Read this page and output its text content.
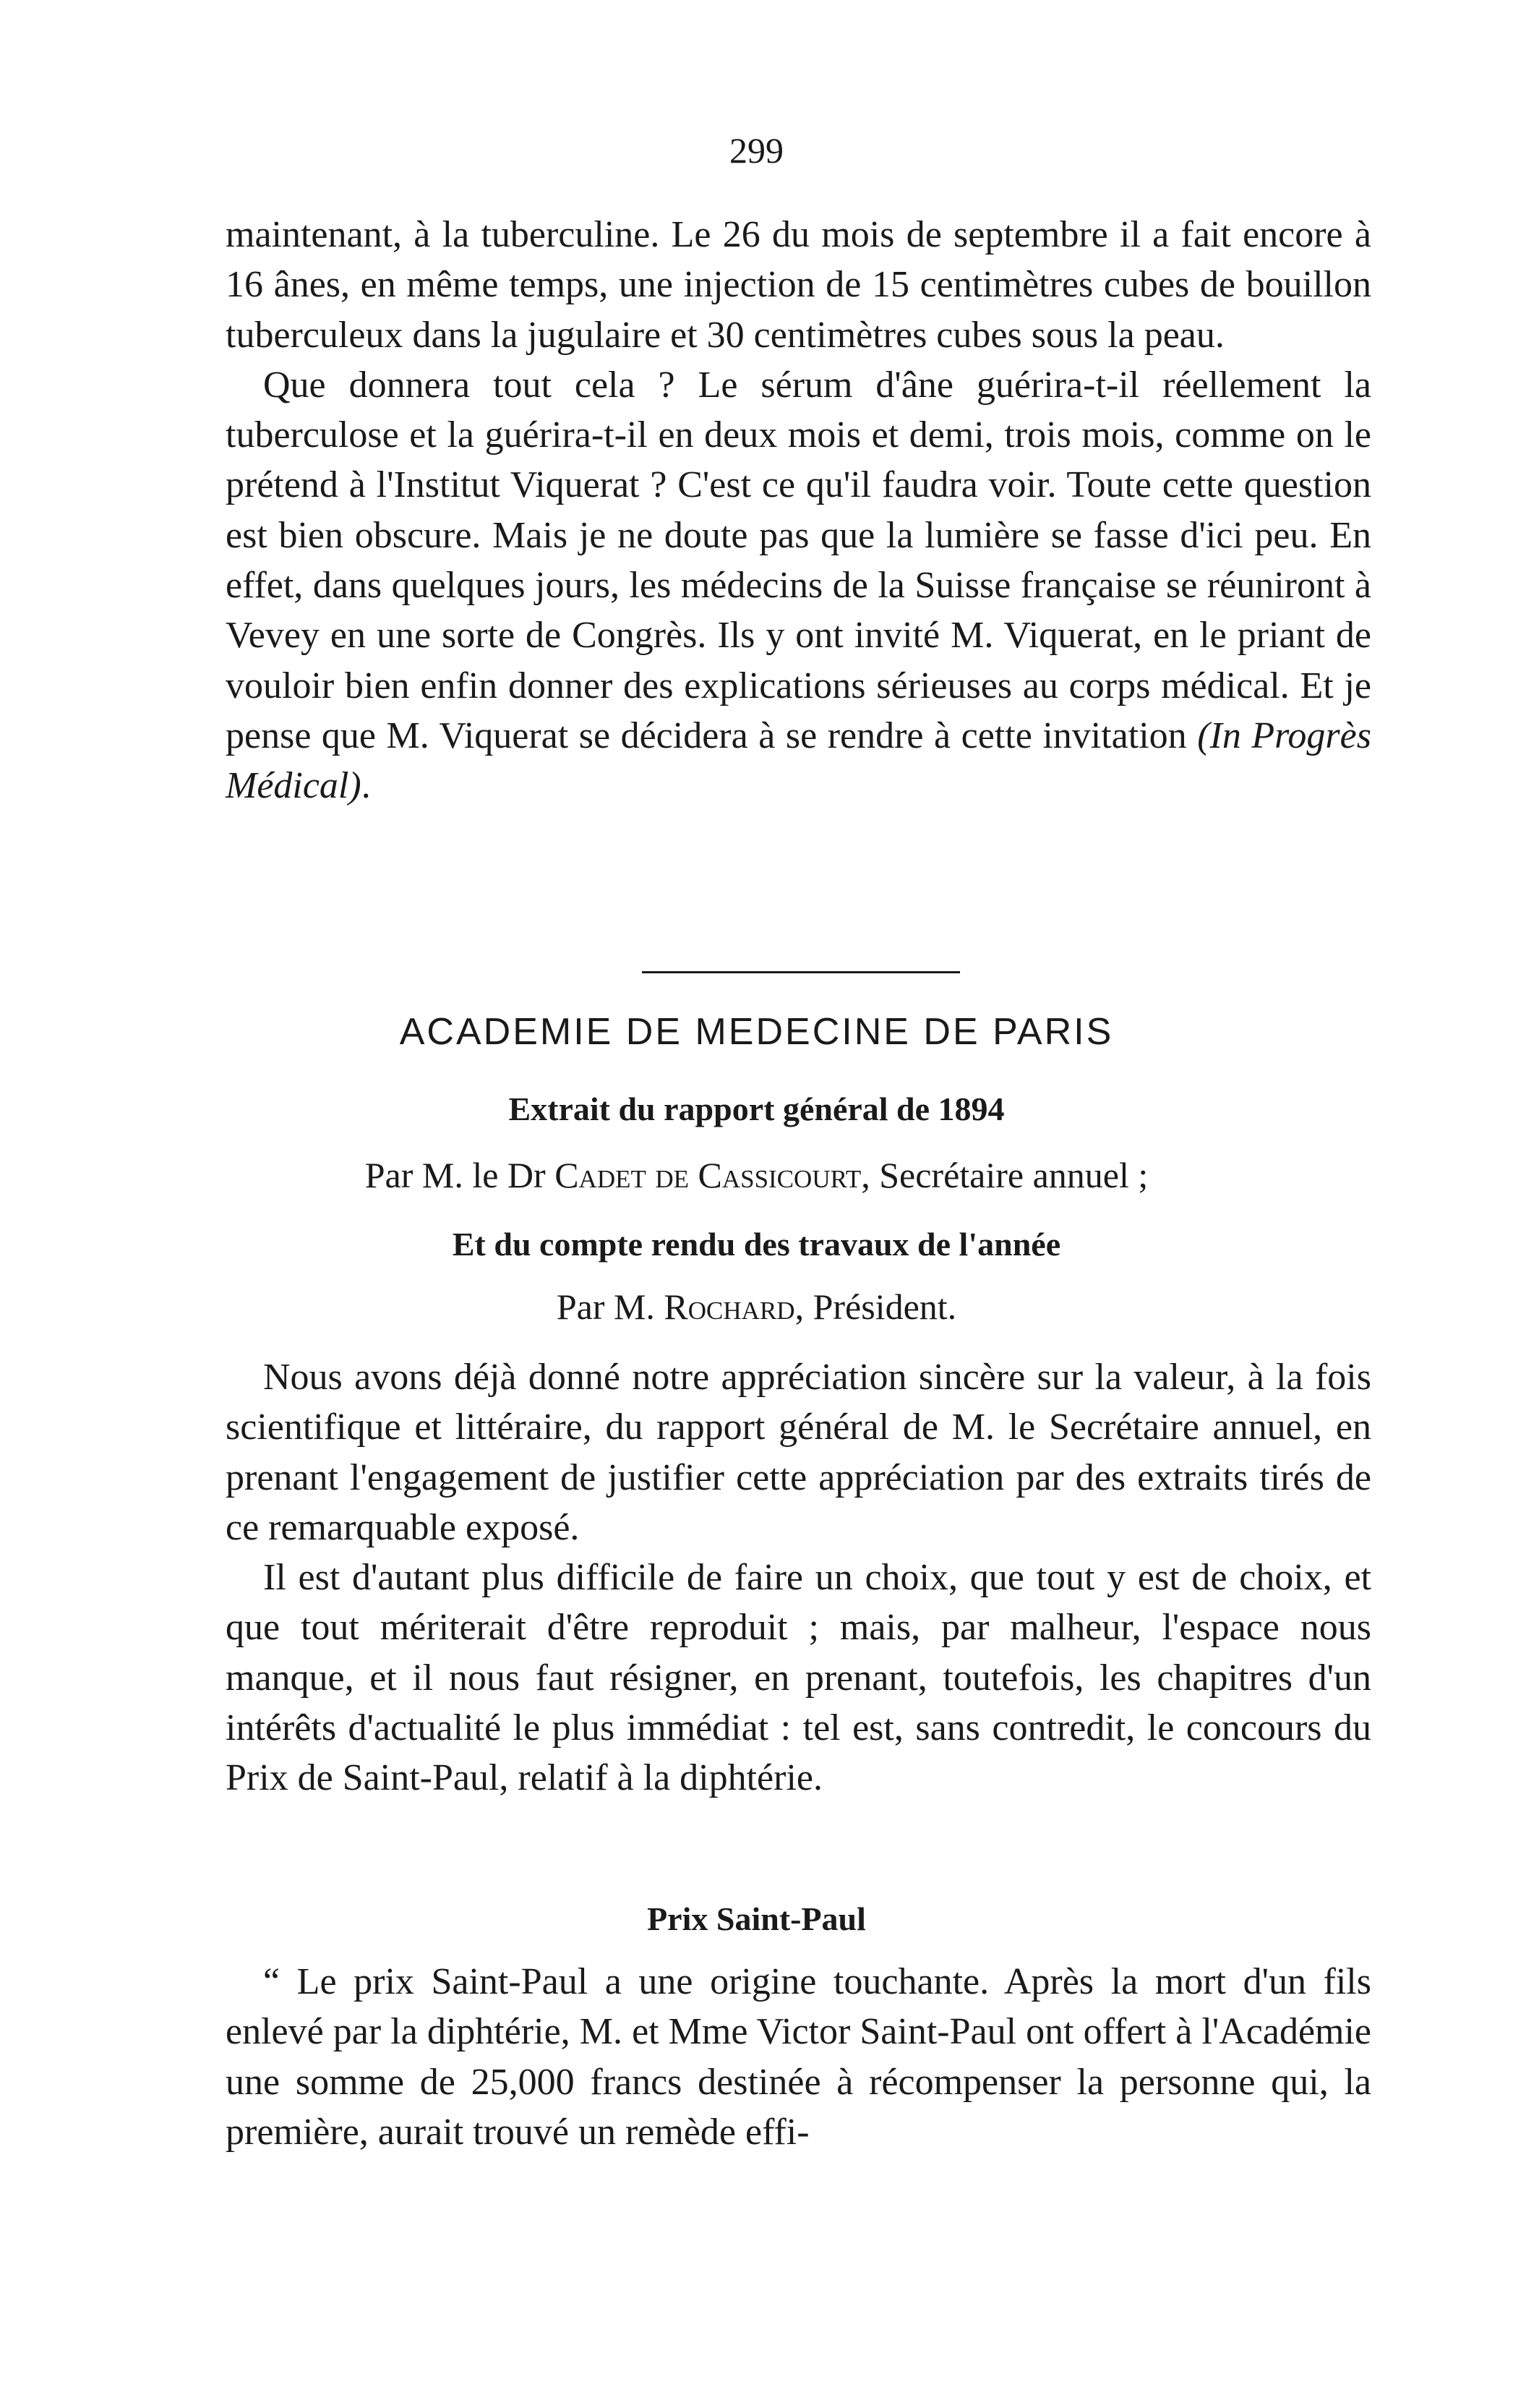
299

maintenant, à la tuberculine. Le 26 du mois de septembre il a fait encore à 16 ânes, en même temps, une injection de 15 centimètres cubes de bouillon tuberculeux dans la jugulaire et 30 centimètres cubes sous la peau.

Que donnera tout cela ? Le sérum d'âne guérira-t-il réellement la tuberculose et la guérira-t-il en deux mois et demi, trois mois, comme on le prétend à l'Institut Viquerat ? C'est ce qu'il faudra voir. Toute cette question est bien obscure. Mais je ne doute pas que la lumière se fasse d'ici peu. En effet, dans quelques jours, les médecins de la Suisse française se réuniront à Vevey en une sorte de Congrès. Ils y ont invité M. Viquerat, en le priant de vouloir bien enfin donner des explications sérieuses au corps médical. Et je pense que M. Viquerat se décidera à se rendre à cette invitation (In Progrès Médical).

ACADEMIE DE MEDECINE DE PARIS

Extrait du rapport général de 1894

Par M. le Dr Cadet de Cassicourt, Secrétaire annuel ;

Et du compte rendu des travaux de l'année

Par M. Rochard, Président.

Nous avons déjà donné notre appréciation sincère sur la valeur, à la fois scientifique et littéraire, du rapport général de M. le Secrétaire annuel, en prenant l'engagement de justifier cette appréciation par des extraits tirés de ce remarquable exposé.

Il est d'autant plus difficile de faire un choix, que tout y est de choix, et que tout mériterait d'être reproduit ; mais, par malheur, l'espace nous manque, et il nous faut résigner, en prenant, toutefois, les chapitres d'un intérêts d'actualité le plus immédiat : tel est, sans contredit, le concours du Prix de Saint-Paul, relatif à la diphtérie.

Prix Saint-Paul

“ Le prix Saint-Paul a une origine touchante. Après la mort d'un fils enlevé par la diphtérie, M. et Mme Victor Saint-Paul ont offert à l'Académie une somme de 25,000 francs destinée à récompenser la personne qui, la première, aurait trouvé un remède effi-
